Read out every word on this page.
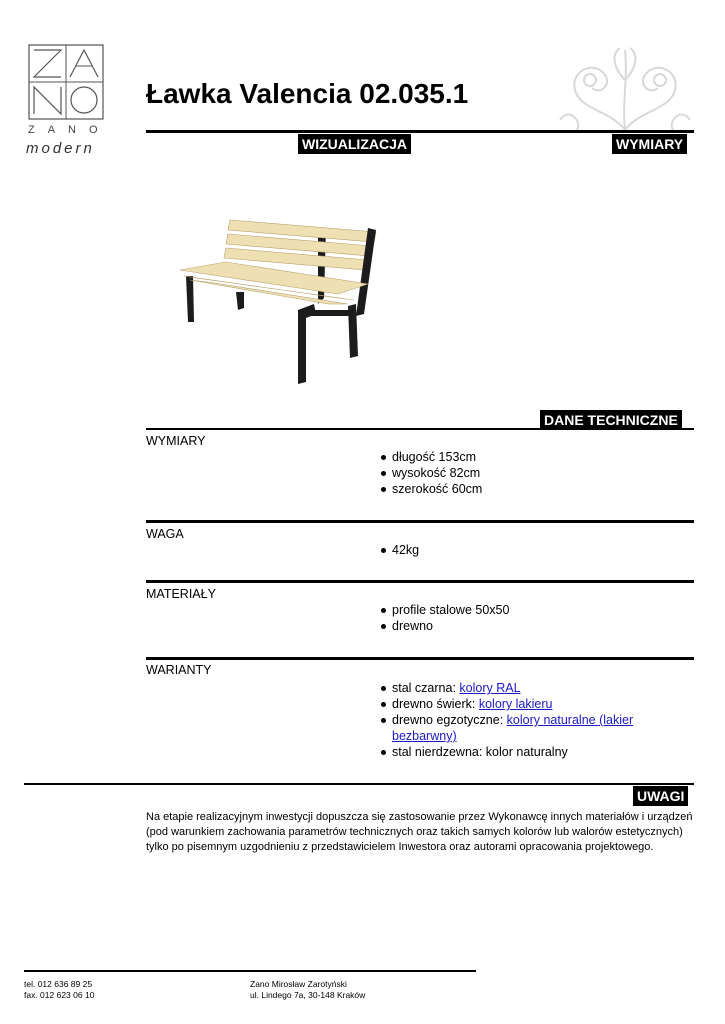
ZANO
modern
Ławka Valencia 02.035.1
WIZUALIZACJA	WYMIARY
DANE TECHNICZNE
WYMIARY
długość 153cm
wysokość 82cm
szerokość 60cm
WAGA
42kg
MATERIAŁY
profile stalowe 50x50
drewno
WARIANTY
stal czarna: kolory RAL
drewno świerk: kolory lakieru
drewno egzotyczne: kolory naturalne (lakier bezbarwny)
stal nierdzewna: kolor naturalny
UWAGI
Na etapie realizacyjnym inwestycji dopuszcza się zastosowanie przez Wykonawcę innych materiałów i urządzeń (pod warunkiem zachowania parametrów technicznych oraz takich samych kolorów lub walorów estetycznych) tylko po pisemnym uzgodnieniu z przedstawicielem Inwestora oraz autorami opracowania projektowego.
tel. 012 636 89 25
fax. 012 623 06 10
Zano Mirosław Zarotyński
ul. Lindego 7a, 30-148 Kraków
